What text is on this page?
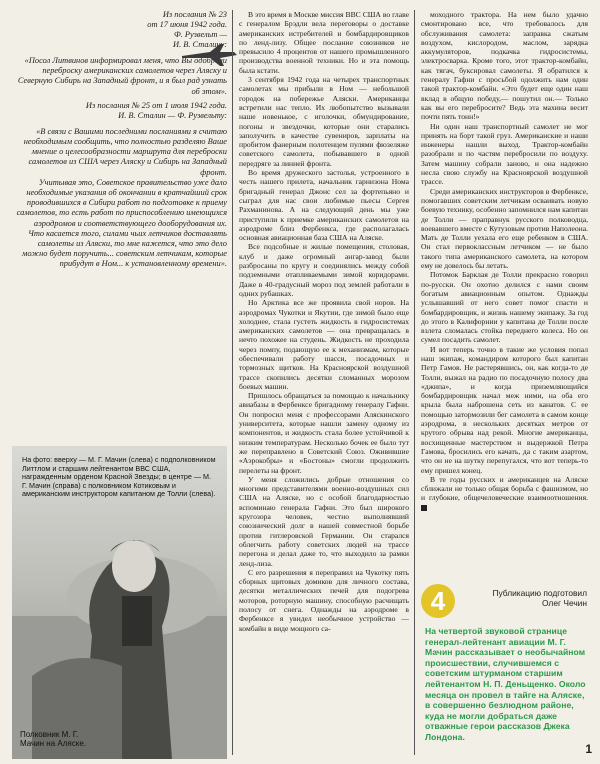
Из послания № 23
от 17 июня 1942 года.
Ф. Рузвельт —
И. В. Сталину:

«Посол Литвинов информировал меня, что Вы одобрили переброску американских самолетов через Аляску и Северную Сибирь на Западный фронт, и я был рад узнать об этом».

Из послания № 25 от 1 июля 1942 года.
И. В. Сталин — Ф. Рузвельту:

«В связи с Вашими последними посланиями я считаю необходимым сообщить, что полностью разделяю Ваше мнение о целесообразности маршрута для переброски самолетов из США через Аляску и Сибирь на Западный фронт.

Учитывая это, Советское правительство уже дало необходимые указания об окончании в кратчайший срок проводившихся в Сибири работ по подготовке к приему самолетов, то есть работ по приспособлению имеющихся аэродромов и соответствующего дооборудования их.

Что касается того, силами чьих летчиков доставлять самолеты из Аляски, то мне кажется, что это дело можно будет поручить... советским летчикам, которые прибудут в Ном... к установленному времени».

На фото: вверху — М. Г. Мачин (слева) с подполковником Литтлом и старшим лейтенантом ВВС США, награжденным орденом Красной Звезды; в центре — М. Г. Мачин (справа) с полковником Котиковым и американским инструктором капитаном де Толли (слева).
Полковник М. Г. Мачин на Аляске.

В это время в Москве миссия ВВС США во главе с генералом Брэдли вела переговоры о доставке американских истребителей и бомбардировщиков по ленд-лизу. Общее послание союзников не превысило 4 процентов от нашего промышленного производства военной техники. Но и эта помощь была кстати.

3 сентября 1942 года на четырех транспортных самолетах мы прибыли в Ном — небольшой городок на побережье Аляски. Американцы встретили нас тепло. Их любопытство вызывали наше новенькое, с иголочки, обмундирование, погоны и звездочки, которые они старались заполучить в качестве сувениров, зарплаты на пробитом фанерным полотенцем пулями фюзеляже советского самолета, побывавшего в одной передряге за линией фронта.

Во время дружеского застолья, устроенного в честь нашего прилета, начальник гарнизона Нома бригадный генерал Джонс сел за фортепьяно и сыграл для нас свои любимые пьесы Сергея Рахманинова. А на следующий день мы уже приступили к приемке американских самолетов на аэродроме близ Фербенкса, где располагалась основная авиационная база США на Аляске.

Все подсобные и жилые помещения, столовая, клуб и даже огромный ангар-завод были разбросаны по кругу и соединялись между собой подземными отапливаемыми зимой коридорами. Даже в 40-градусный мороз под землей работали в одних рубашках.

Но Арктика все же проявила свой норов. На аэродромах Чукотки и Якутии, где зимой было еще холоднее, стала густеть жидкость в гидросистемах американских самолетов — она превращалась в нечто похожее на студень. Жидкость не проходила через помпу, подающую ее к механизмам, которые обеспечивали работу шасси, посадочных и тормозных щитков. На Красноярской воздушной трассе скопились десятки сломанных морозом боевых машин.

Пришлось обращаться за помощью к начальнику авиабазы в Фербенксе бригадному генералу Гафни. Он попросил меня с профессорами Аляскинского университета, которые нашли замену одному из компонентов, и жидкость стала более устойчивой к низким температурам. Несколько бочек ее было тут же переправлено в Советский Союз. Оживившие «Аэрокобры» и «Бостоны» смогли продолжить перелеты на фронт.

У меня сложились добрые отношения со многими представителями военно-воздушных сил США на Аляске, но с особой благодарностью вспоминаю генерала Гафни. Это был широкого кругозора человек, честно выполнявший союзнический долг в нашей совместной борьбе против гитлеровской Германии. Он старался облегчить работу советских людей на трассе перегона и делал даже то, что выходило за рамки ленд-лиза.

С его разрешения я переправил на Чукотку пять сборных щитовых домиков для личного состава, десятки металлических печей для подогрева моторов, роторную машину, способную расчищать полосу от снега. Однажды на аэродроме в Фербенксе я увидел необычное устройство — комбайн в виде мощного са-

моходного трактора. На нем было удачно смонтировано все, что требовалось для обслуживания самолета: заправка сжатым воздухом, кислородом, маслом, зарядка аккумуляторов, подкачка гидросистемы, электросварка. Кроме того, этот трактор-комбайн, как тягач, буксировал самолеты. Я обратился к генералу Гафни с просьбой одолжить нам один такой трактор-комбайн. «Это будет еще один наш вклад в общую победу,— пошутил он.— Только как вы его перебросите? Ведь эта махина весит почти пять тонн!»

Ни один наш транспортный самолет не мог принять на борт такой груз. Американские и наши инженеры нашли выход. Трактор-комбайн разобрали и по частям перебросили по воздуху. Затем машину собрали заново, и она надежно несла свою службу на Красноярской воздушной трассе.

Среди американских инструкторов в Фербенксе, помогавших советским летчикам осваивать новую боевую технику, особенно запомнился нам капитан де Толли — праправнук русского полководца, воевавшего вместе с Кутузовым против Наполеона. Мать де Толли уехала его еще ребенком в США. Он стал первоклассным летчиком — не было такого типа американского самолета, на котором ему не довелось бы летать.

Потомок Барклая де Толли прекрасно говорил по-русски. Он охотно делился с нами своим богатым авиационным опытом. Однажды услышавший от него совет помог спасти и бомбардировщик, и жизнь нашему экипажу. За год до этого в Калифорнии у капитана де Толли после взлета сломалась стойка переднего колеса. Но он сумел посадить самолет.

И вот теперь точно в такие же условия попал наш экипаж, командиром которого был капитан Петр Гамов. Не растерявшись, он, как когда-то де Толли, выжал на радио по посадочную полосу два «джипа», и когда приземляющийся бомбардировщик начал меж ними, на оба его крыла была наброшена сеть из канатов. С ее помощью затормозили бег самолета в самом конце аэродрома, в нескольких десятках метров от крутого обрыва над рекой. Многие американцы, восхищенные мастерством и выдержкой Петра Гамова, бросились его качать, да с таким азартом, что он не на шутку перепугался, что вот теперь-то ему пришел конец.

В те годы русских и американцев на Аляске сближали не только общая борьба с фашизмом, но и глубокие, общечеловеческие взаимоотношения.

4	Публикацию подготовил
Олег Чечин
На четвертой звуковой странице генерал-лейтенант авиации М. Г. Мачин рассказывает о необычайном происшествии, случившемся с советским штурманом старшим лейтенантом Н. П. Деньщенко. Около месяца он провел в тайге на Аляске, в совершенно безлюдном районе, куда не могли добраться даже отважные герои рассказов Джека Лондона.
1
